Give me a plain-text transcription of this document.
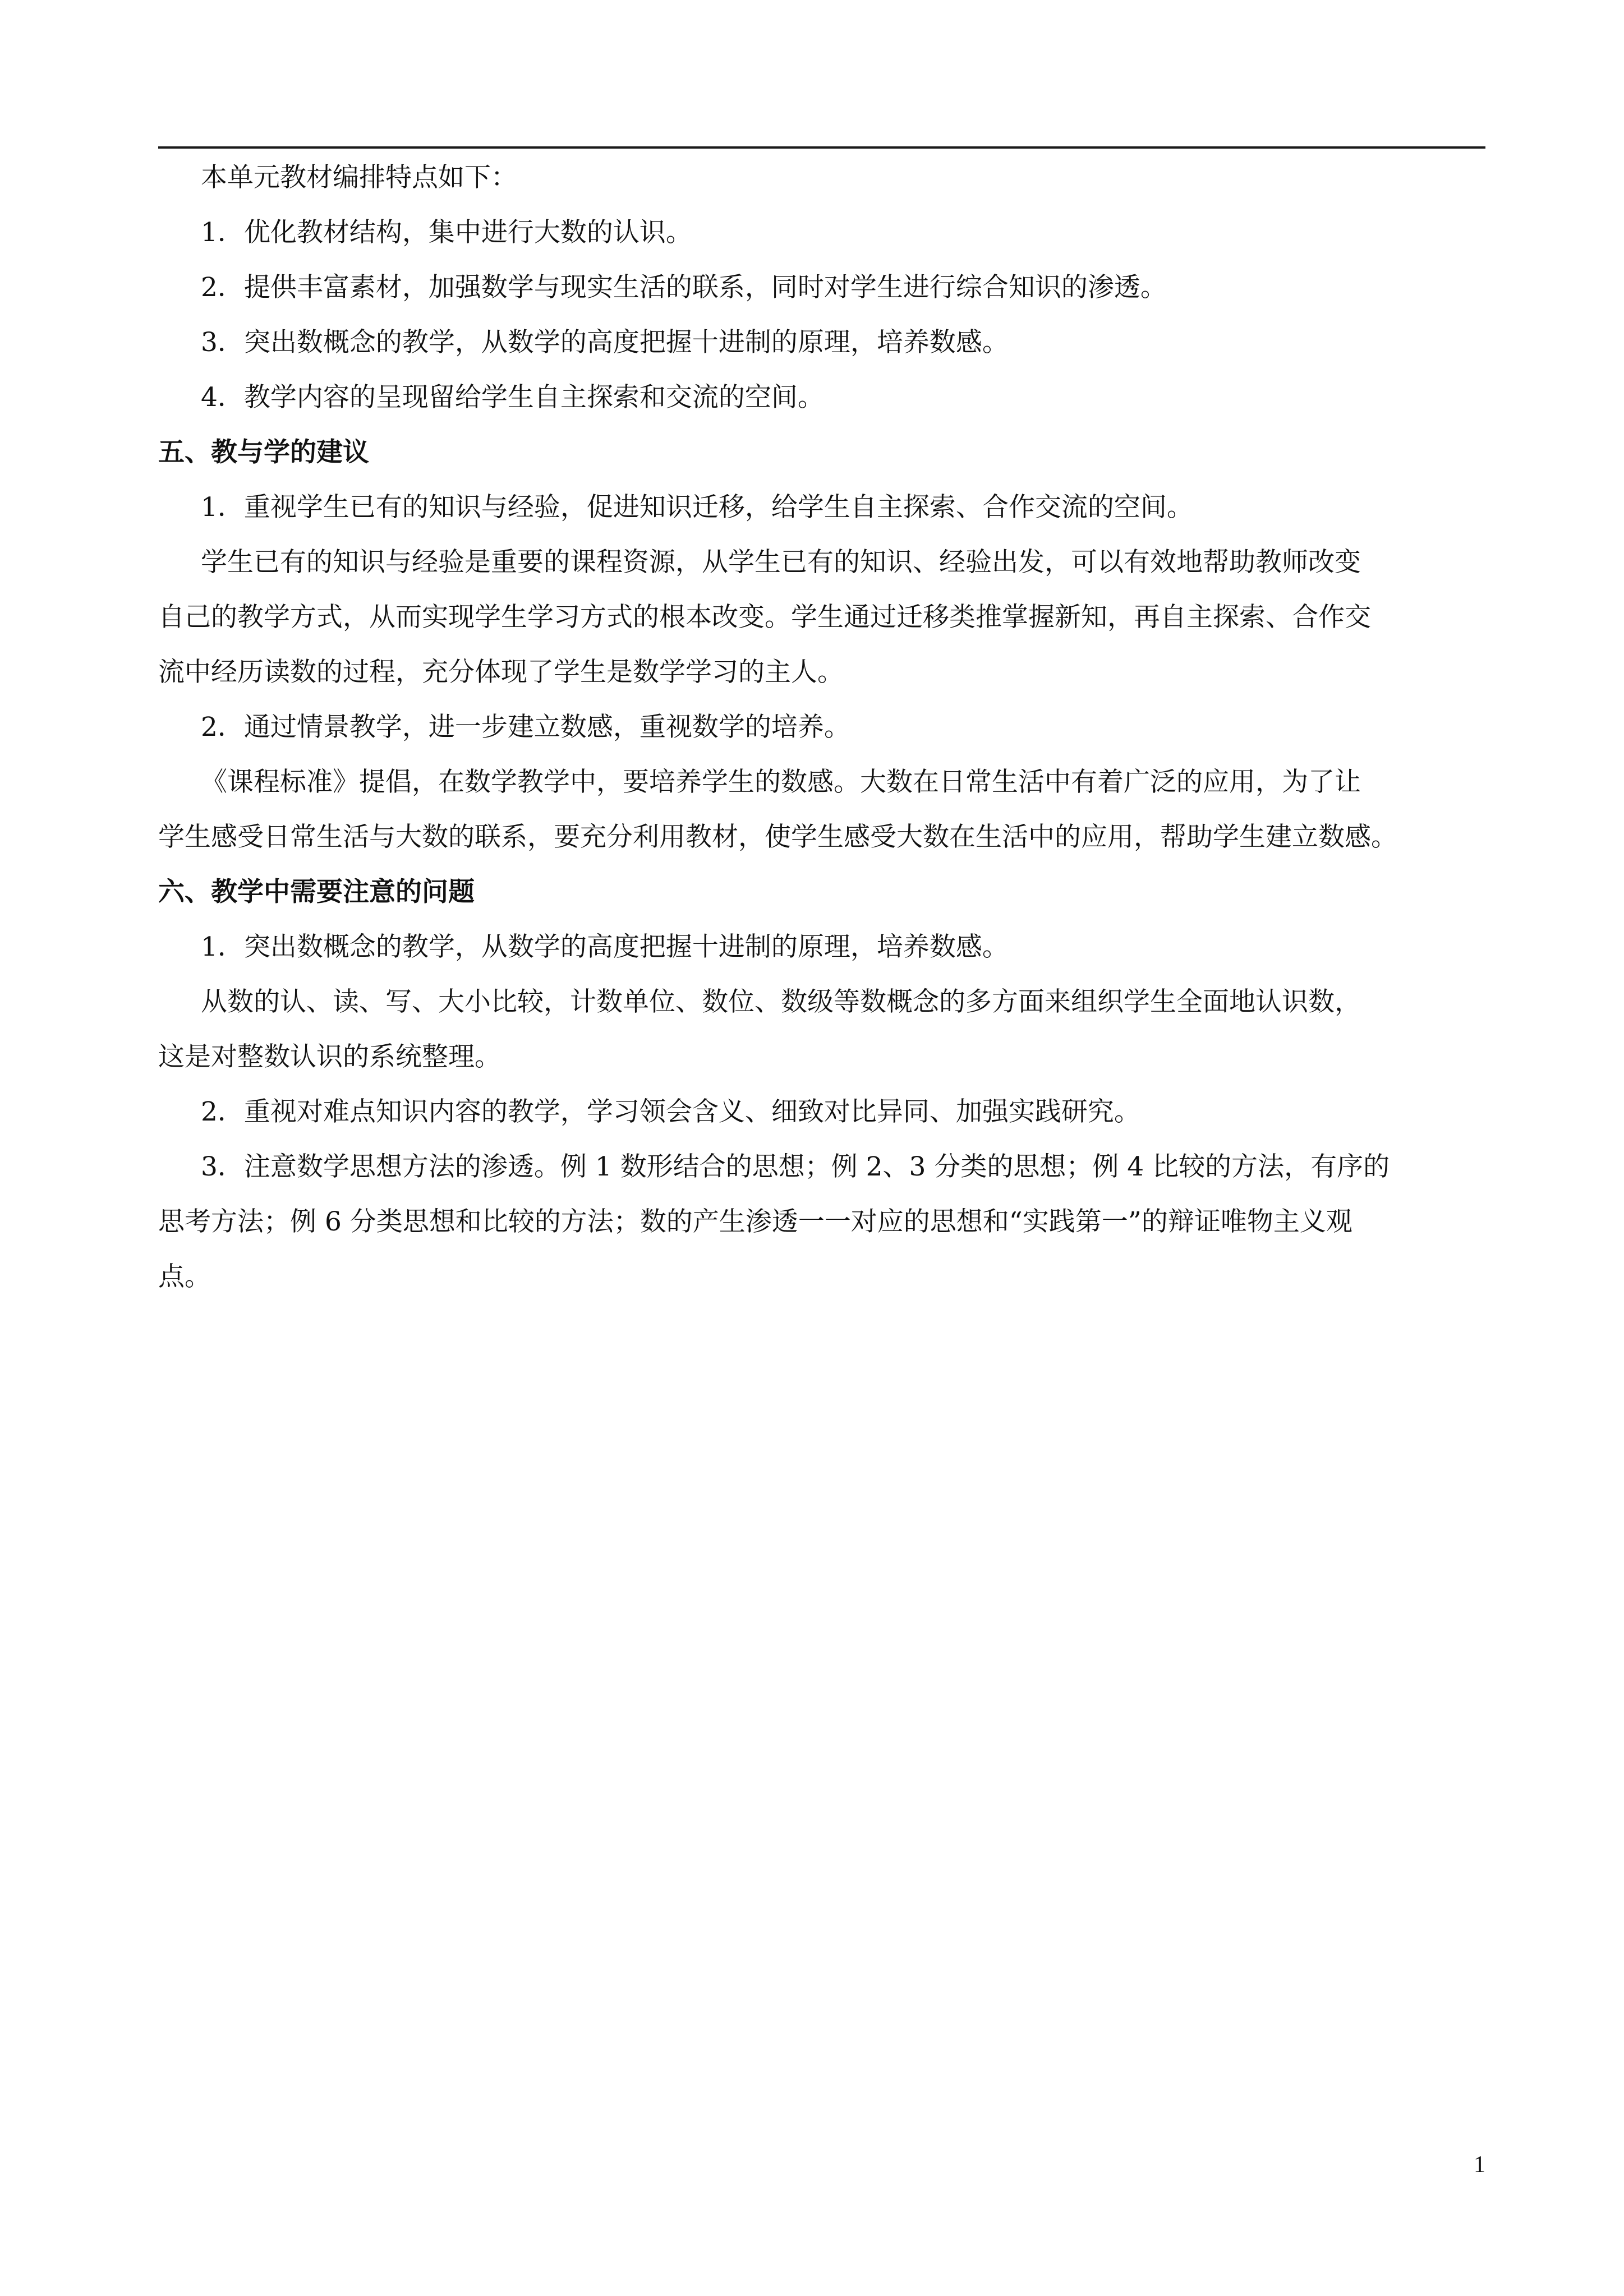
本单元教材编排特点如下：
1．优化教材结构，集中进行大数的认识。
2．提供丰富素材，加强数学与现实生活的联系，同时对学生进行综合知识的渗透。
3．突出数概念的教学，从数学的高度把握十进制的原理，培养数感。
4．教学内容的呈现留给学生自主探索和交流的空间。
五、教与学的建议
1．重视学生已有的知识与经验，促进知识迁移，给学生自主探索、合作交流的空间。
学生已有的知识与经验是重要的课程资源，从学生已有的知识、经验出发，可以有效地帮助教师改变
自己的教学方式，从而实现学生学习方式的根本改变。学生通过迁移类推掌握新知，再自主探索、合作交
流中经历读数的过程，充分体现了学生是数学学习的主人。
2．通过情景教学，进一步建立数感，重视数学的培养。
《课程标准》提倡，在数学教学中，要培养学生的数感。大数在日常生活中有着广泛的应用，为了让
学生感受日常生活与大数的联系，要充分利用教材，使学生感受大数在生活中的应用，帮助学生建立数感。
六、教学中需要注意的问题
1．突出数概念的教学，从数学的高度把握十进制的原理，培养数感。
从数的认、读、写、大小比较，计数单位、数位、数级等数概念的多方面来组织学生全面地认识数，
这是对整数认识的系统整理。
2．重视对难点知识内容的教学，学习领会含义、细致对比异同、加强实践研究。
3．注意数学思想方法的渗透。例 1 数形结合的思想；例 2、3 分类的思想；例 4 比较的方法，有序的
思考方法；例 6 分类思想和比较的方法；数的产生渗透一一对应的思想和“实践第一”的辩证唯物主义观
点。
1
